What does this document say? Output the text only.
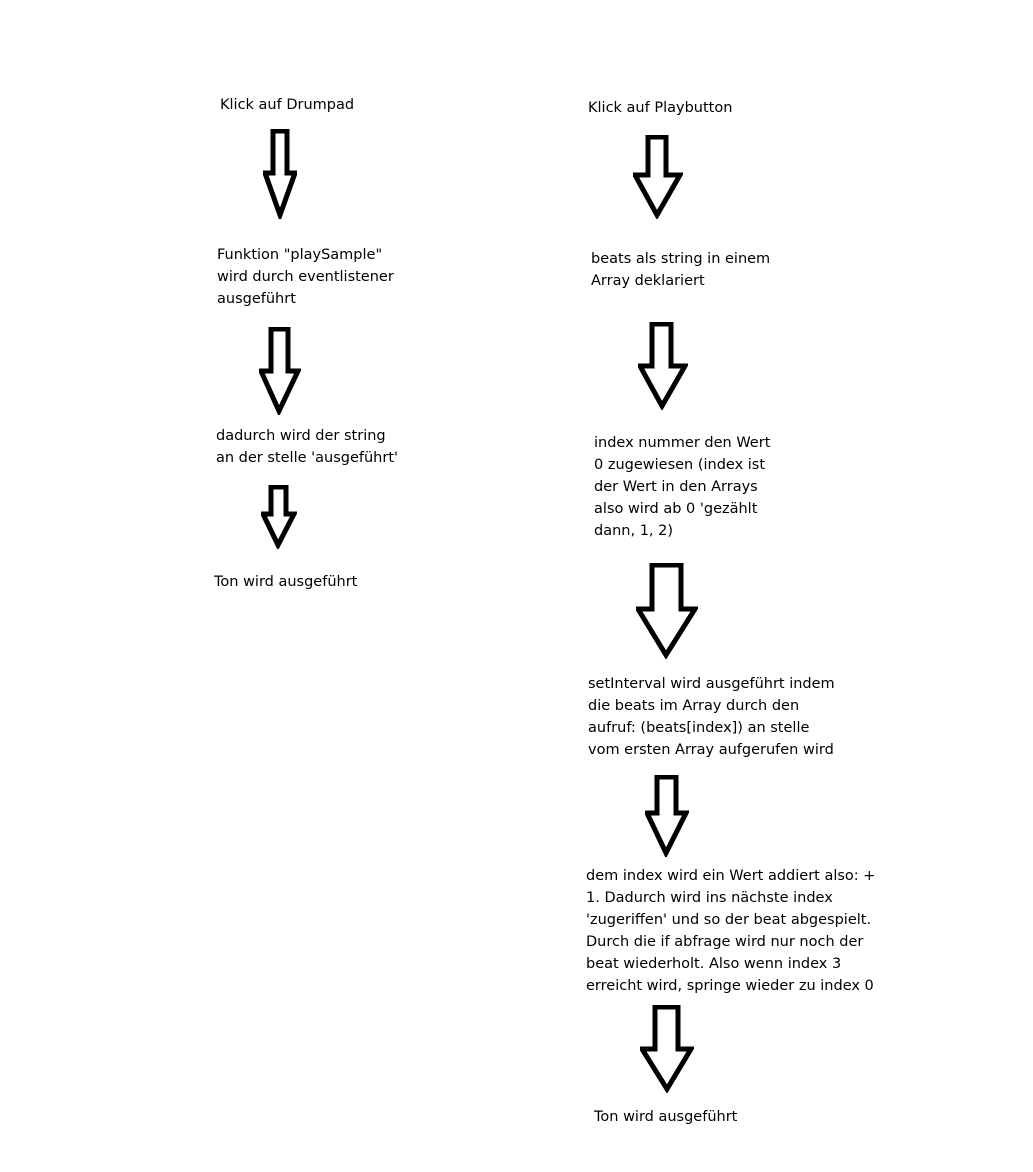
Klick auf Drumpad

Funktion "playSample"
wird durch eventlistener
ausgeführt

dadurch wird der string
an der stelle 'ausgeführt'

Ton wird ausgeführt

Klick auf Playbutton

beats als string in einem
Array deklariert

index nummer den Wert
0 zugewiesen (index ist
der Wert in den Arrays
also wird ab 0 'gezählt
dann, 1, 2)

setInterval wird ausgeführt indem
die beats im Array durch den
aufruf: (beats[index]) an stelle
vom ersten Array aufgerufen wird

dem index wird ein Wert addiert also: +
1. Dadurch wird ins nächste index
'zugeriffen' und so der beat abgespielt.
Durch die if abfrage wird nur noch der
beat wiederholt. Also wenn index 3
erreicht wird, springe wieder zu index 0

Ton wird ausgeführt
